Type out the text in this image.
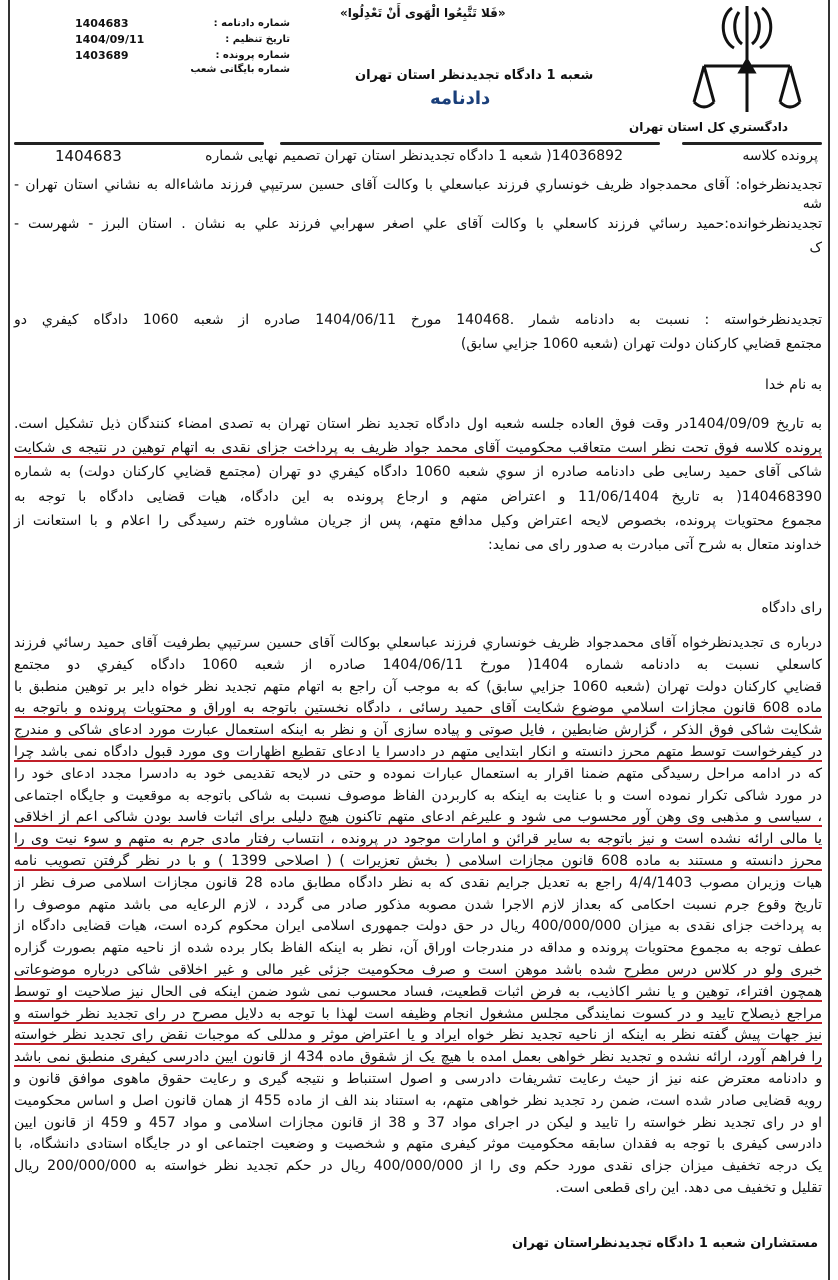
دادگستري كل استان تهران
«فَلا تَتَّبِعُوا الْهَوى أَنْ تَعْدِلُوا»
شعبه 1 دادگاه تجدیدنظر استان تهران
دادنامه
شماره دادنامه :
1404683
تاریخ تنظیم :
1404/09/11
شماره پرونده :
1403689
شماره بایگانی شعب
پرونده کلاسه
14036892( شعبه 1 دادگاه تجدیدنظر استان تهران تصمیم نهایی شماره
1404683
تجدیدنظرخواه: آقای محمدجواد ظریف خونساري فرزند عباسعلي با وكالت آقای حسين سرتيپي فرزند ماشاءاله به نشاني استان تهران -
شه
تجدیدنظرخوانده:حمید رسائي فرزند كاسعلي با وكالت آقای علي اصغر سهرابي فرزند علي به نشان . استان البرز - شهرست -
ک
تجدیدنظرخواسته : نسبت به دادنامه شمار .140468 مورخ 1404/06/11 صادره از شعبه 1060 دادگاه كيفري دو
مجتمع قضايي كاركنان دولت تهران (شعبه 1060 جزايي سابق)
به نام خدا
به تاریخ 1404/09/09در وقت فوق العاده جلسه شعبه اول دادگاه تجدید نظر استان تهران به تصدی امضاء کنندگان ذیل تشکیل است.
پرونده کلاسه فوق تحت نظر است متعاقب محکومیت آقای محمد جواد ظریف به پرداخت جزای نقدی به اتهام توهین در نتیجه ی شکایت
شاکی آقای حمید رسایی طی دادنامه صادره از سوي شعبه 1060 دادگاه كيفري دو تهران (مجتمع قضايي كاركنان دولت) به شماره
140468390( به تاریخ 11/06/1404 و اعتراض متهم و ارجاع پرونده به این دادگاه، هیات قضایی دادگاه با توجه به
مجموع محتویات پرونده، بخصوص لایحه اعتراض وکیل مدافع متهم، پس از جریان مشاوره ختم رسیدگی را اعلام و با استعانت از
خداوند متعال به شرح آتی مبادرت به صدور رای می نماید:
رای دادگاه
درباره ی تجدیدنظرخواه آقای محمدجواد ظریف خونساري فرزند عباسعلي بوكالت آقای حسین سرتيپي بطرفيت آقای حمید رسائي فرزند
كاسعلي نسبت به دادنامه شماره 1404( مورخ 1404/06/11 صادره از شعبه 1060 دادگاه كيفري دو مجتمع
قضايي كاركنان دولت تهران (شعبه 1060 جزايي سابق) كه به موجب آن راجع به اتهام متهم تجدید نظر خواه داير بر توهين منطبق با
ماده 608 قانون مجازات اسلامي موضوع شكايت آقای حمید رسائی ، دادگاه نخستین باتوجه به اوراق و محتویات پرونده و باتوجه به
شکایت شاکی فوق الذکر ، گزارش ضابطین ، فایل صوتی و پیاده سازی آن و نظر به اینکه استعمال عبارت مورد ادعای شاکی و مندرج
در کیفرخواست توسط متهم محرز دانسته و انکار ابتدایی متهم در دادسرا یا ادعای تقطیع اظهارات وی مورد قبول دادگاه نمی باشد چرا
که در ادامه مراحل رسیدگی متهم ضمنا اقرار به استعمال عبارات نموده و حتی در لایحه تقدیمی خود به دادسرا مجدد ادعای خود را
در مورد شاکی تکرار نموده است و با عنایت به اینکه به کاربردن الفاظ موصوف نسبت به شاکی باتوجه به موقعیت و جایگاه اجتماعی
، سیاسی و مذهبی وی وهن آور محسوب می شود و علیرغم ادعای متهم تاکنون هیچ دلیلی برای اثبات فاسد بودن شاکی اعم از اخلاقی
یا مالی ارائه نشده است و نیز باتوجه به سایر قرائن و امارات موجود در پرونده ، انتساب رفتار مادی جرم به متهم و سوء نیت وی را
محرز دانسته و مستند به ماده 608 قانون مجازات اسلامی ( بخش تعزیرات ) ( اصلاحی 1399 ) و با در نظر گرفتن تصویب نامه
هیات وزیران مصوب 4/4/1403 راجع به تعدیل جرایم نقدی که به نظر دادگاه مطابق ماده 28 قانون مجازات اسلامی صرف نظر از
تاریخ وقوع جرم نسبت احکامی که بعداز لازم الاجرا شدن مصوبه مذکور صادر می گردد ، لازم الرعایه می باشد متهم موصوف را
به پرداخت جزای نقدی به میزان 400/000/000 ریال در حق دولت جمهوری اسلامی ایران محکوم کرده است، هیات قضایی دادگاه از
عطف توجه به مجموع محتویات پرونده و مداقه در مندرجات اوراق آن، نظر به اینکه الفاظ بکار برده شده از ناحیه متهم بصورت گزاره
خبری ولو در کلاس درس مطرح شده باشد موهن است و صرف محکومیت جزئی غیر مالی و غیر اخلاقی شاکی درباره موضوعاتی
همچون افتراء، توهین و یا نشر اکاذیب، به فرض اثبات قطعیت، فساد محسوب نمی شود ضمن اینکه فی الحال نیز صلاحیت او توسط
مراجع ذیصلاح تایید و در کسوت نمایندگی مجلس مشغول انجام وظیفه است لهذا با توجه به دلایل مصرح در رای تجدید نظر خواسته و
نیز جهات پیش گفته نظر به اینکه از ناحیه تجدید نظر خواه ایراد و یا اعتراض موثر و مدللی که موجبات نقض رای تجدید نظر خواسته
را فراهم آورد، ارائه نشده و تجدید نظر خواهی بعمل امده با هیچ یک از شقوق ماده 434 از قانون ایین دادرسی کیفری منطبق نمی باشد
و دادنامه معترض عنه نیز از حیث رعایت تشریفات دادرسی و اصول استنباط و نتیجه گیری و رعایت حقوق ماهوی موافق قانون و
رویه قضایی صادر شده است، ضمن رد تجدید نظر خواهی متهم، به استناد بند الف از ماده 455 از همان قانون اصل و اساس محکومیت
او در رای تجدید نظر خواسته را تایید و لیکن در اجرای مواد 37 و 38 از قانون مجازات اسلامی و مواد 457 و 459 از قانون ایین
دادرسی کیفری با توجه به فقدان سابقه محکومیت موثر کیفری متهم و شخصیت و وضعیت اجتماعی او در جایگاه استادی دانشگاه، با
یک درجه تخفیف میزان جزای نقدی مورد حکم وی را از 400/000/000 ریال در حکم تجدید نظر خواسته به 200/000/000 ریال
تقلیل و تخفیف می دهد. این رای قطعی است.
مستشاران شعبه 1 دادگاه تجدیدنظراستان تهران
